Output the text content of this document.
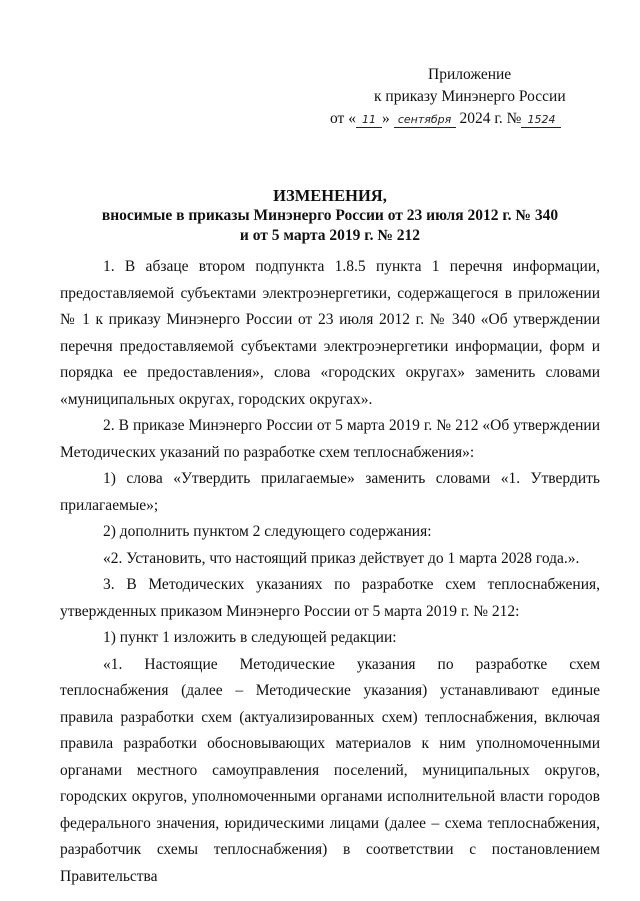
Приложение
к приказу Минэнерго России
от « 11 » сентября 2024 г. № 1524
ИЗМЕНЕНИЯ,
вносимые в приказы Минэнерго России от 23 июля 2012 г. № 340
и от 5 марта 2019 г. № 212

1. В абзаце втором подпункта 1.8.5 пункта 1 перечня информации, предоставляемой субъектами электроэнергетики, содержащегося в приложении № 1 к приказу Минэнерго России от 23 июля 2012 г. № 340 «Об утверждении перечня предоставляемой субъектами электроэнергетики информации, форм и порядка ее предоставления», слова «городских округах» заменить словами «муниципальных округах, городских округах».

2. В приказе Минэнерго России от 5 марта 2019 г. № 212 «Об утверждении Методических указаний по разработке схем теплоснабжения»:

1) слова «Утвердить прилагаемые» заменить словами «1. Утвердить прилагаемые»;

2) дополнить пунктом 2 следующего содержания:

«2. Установить, что настоящий приказ действует до 1 марта 2028 года.».

3. В Методических указаниях по разработке схем теплоснабжения, утвержденных приказом Минэнерго России от 5 марта 2019 г. № 212:

1) пункт 1 изложить в следующей редакции:

«1. Настоящие Методические указания по разработке схем теплоснабжения (далее – Методические указания) устанавливают единые правила разработки схем (актуализированных схем) теплоснабжения, включая правила разработки обосновывающих материалов к ним уполномоченными органами местного самоуправления поселений, муниципальных округов, городских округов, уполномоченными органами исполнительной власти городов федерального значения, юридическими лицами (далее – схема теплоснабжения, разработчик схемы теплоснабжения) в соответствии с постановлением Правительства
